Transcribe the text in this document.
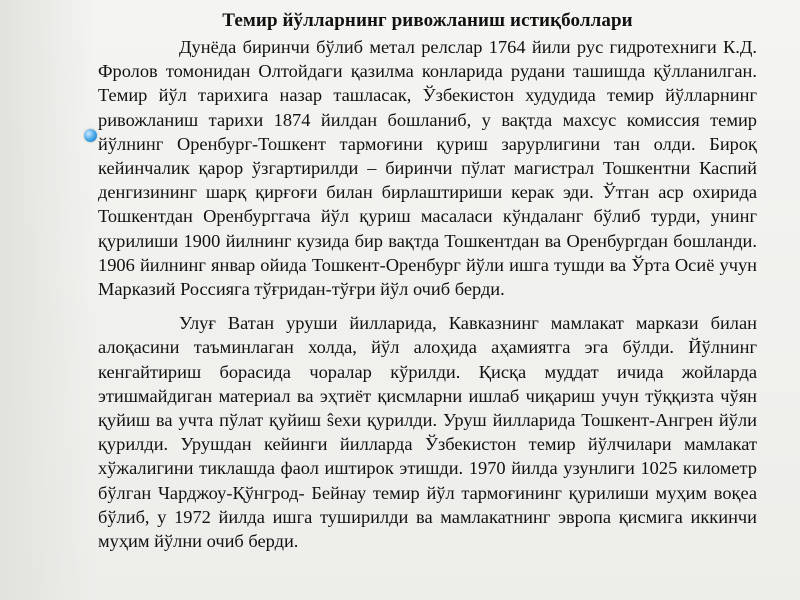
Темир йўлларнинг ривожланиш истиқболлари

Дунёда биринчи бўлиб метал релслар 1764 йили рус гидротехниги К.Д. Фролов томонидан Олтойдаги қазилма конларида рудани ташишда қўлланилган. Темир йўл тарихига назар ташласак, Ўзбекистон худудида темир йўлларнинг ривожланиш тарихи 1874 йилдан бошланиб, у вақтда махсус комиссия темир йўлнинг Оренбург-Тошкент тармоғини қуриш зарурлигини тан олди. Бироқ кейинчалик қарор ўзгартирилди – биринчи пўлат магистрал Тошкентни Каспий денгизининг шарқ қирғоғи билан бирлаштириши керак эди. Ўтган аср охирида Тошкентдан Оренбурггача йўл қуриш масаласи кўндаланг бўлиб турди, унинг қурилиши 1900 йилнинг кузида бир вақтда Тошкентдан ва Оренбургдан бошланди. 1906 йилнинг январ ойида Тошкент-Оренбург йўли ишга тушди ва Ўрта Осиё учун Марказий Россияга тўғридан-тўғри йўл очиб берди.

Улуғ Ватан уруши йилларида, Кавказнинг мамлакат маркази билан алоқасини таъминлаган холда, йўл алоҳида аҳамиятга эга бўлди. Йўлнинг кенгайтириш борасида чоралар кўрилди. Қисқа муддат ичида жойларда этишмайдиган материал ва эҳтиёт қисмларни ишлаб чиқариш учун тўққизта чўян қуйиш ва учта пўлат қуйиш ŝехи қурилди. Уруш йилларида Тошкент-Ангрен йўли қурилди. Урушдан кейинги йилларда Ўзбекистон темир йўлчилари мамлакат хўжалигини тиклашда фаол иштирок этишди. 1970 йилда узунлиги 1025 километр бўлган Чарджоу-Қўнгрод- Бейнау темир йўл тармоғининг қурилиши муҳим воқеа бўлиб, у 1972 йилда ишга туширилди ва мамлакатнинг эвропа қисмига иккинчи муҳим йўлни очиб берди.
